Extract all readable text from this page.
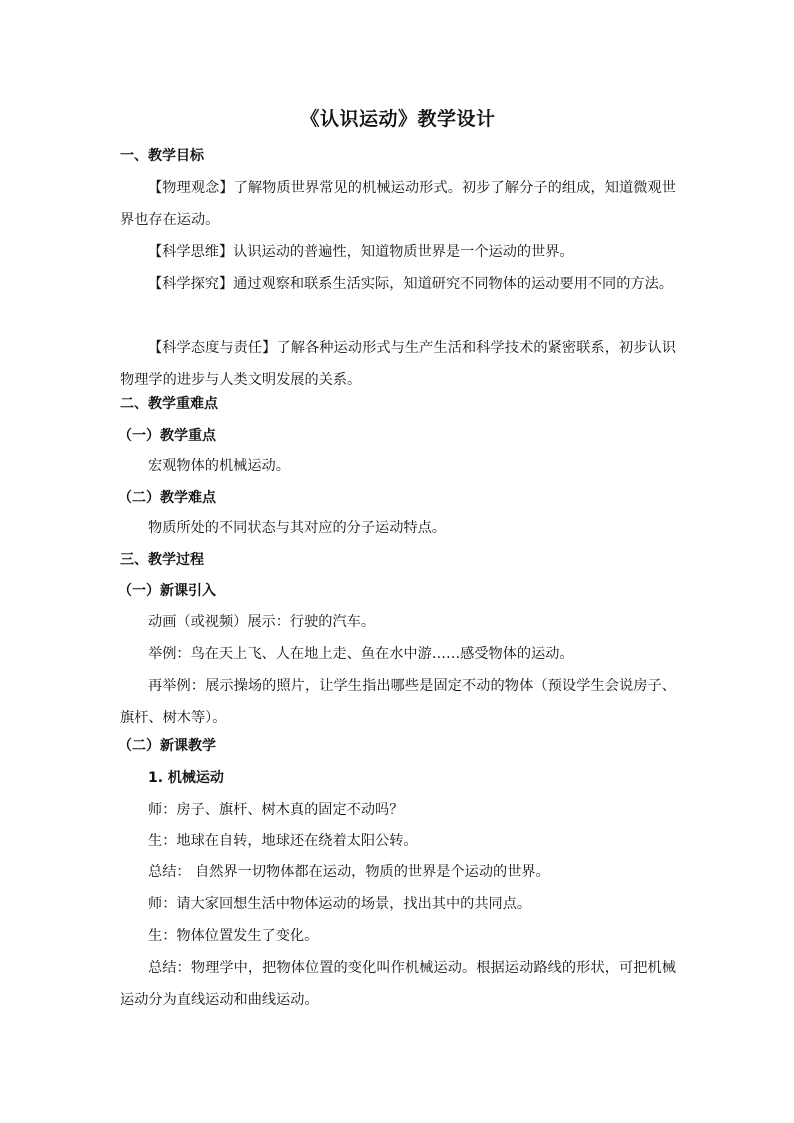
《认识运动》教学设计
一、教学目标
【物理观念】了解物质世界常见的机械运动形式。初步了解分子的组成，知道微观世界也存在运动。
【科学思维】认识运动的普遍性，知道物质世界是一个运动的世界。
【科学探究】通过观察和联系生活实际，知道研究不同物体的运动要用不同的方法。
【科学态度与责任】了解各种运动形式与生产生活和科学技术的紧密联系，初步认识物理学的进步与人类文明发展的关系。
二、教学重难点
（一）教学重点
宏观物体的机械运动。
（二）教学难点
物质所处的不同状态与其对应的分子运动特点。
三、教学过程
（一）新课引入
动画（或视频）展示：行驶的汽车。
举例：鸟在天上飞、人在地上走、鱼在水中游……感受物体的运动。
再举例：展示操场的照片，让学生指出哪些是固定不动的物体（预设学生会说房子、旗杆、树木等）。
（二）新课教学
1. 机械运动
师：房子、旗杆、树木真的固定不动吗？
生：地球在自转，地球还在绕着太阳公转。
总结： 自然界一切物体都在运动，物质的世界是个运动的世界。
师：请大家回想生活中物体运动的场景，找出其中的共同点。
生：物体位置发生了变化。
总结：物理学中，把物体位置的变化叫作机械运动。根据运动路线的形状，可把机械运动分为直线运动和曲线运动。
